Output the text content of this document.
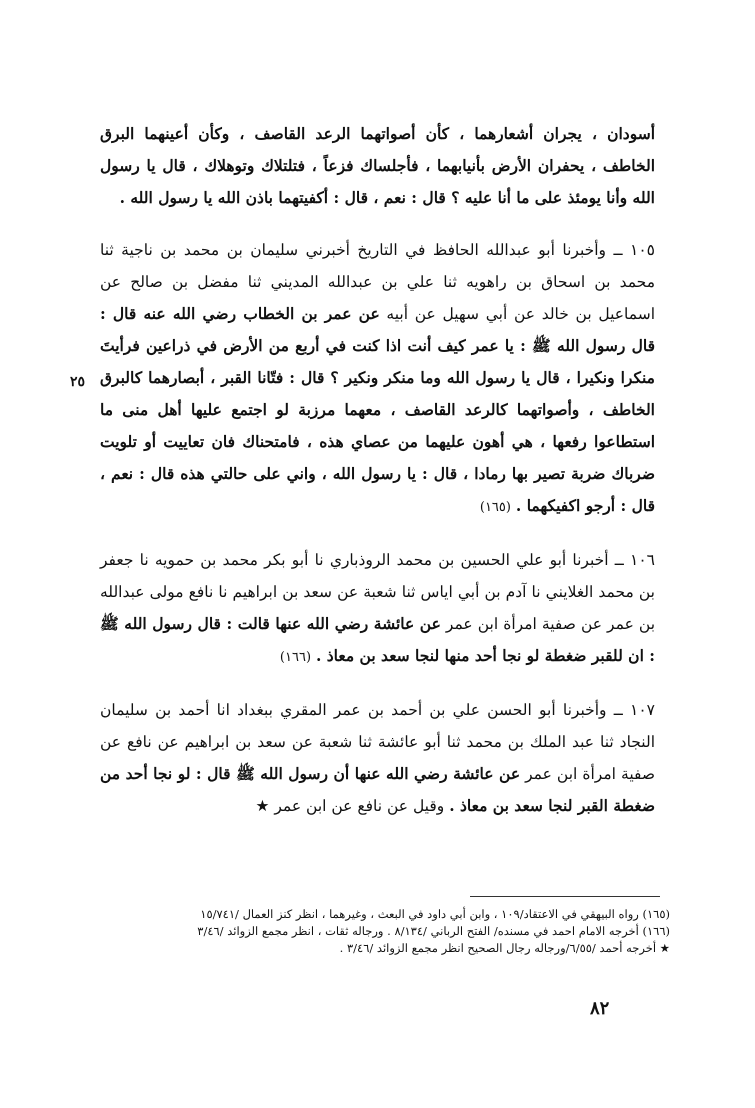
أسودان ، يجران أشعارهما ، كأن أصواتهما الرعد القاصف ، وكأن أعينهما البرق الخاطف ، يحفران الأرض بأنيابهما ، فأجلساك فزعاً ، فتلتلاك وتوهلاك ، قال يا رسول الله وأنا يومئذ على ما أنا عليه ؟ قال : نعم ، قال : أكفيتهما باذن الله يا رسول الله .

١٠٥ ــ وأخبرنا أبو عبدالله الحافظ في التاريخ أخبرني سليمان بن محمد بن ناجية ثنا محمد بن اسحاق بن راهويه ثنا علي بن عبدالله المديني ثنا مفضل بن صالح عن اسماعيل بن خالد عن أبي سهيل عن أبيه عن عمر بن الخطاب رضي الله عنه قال : قال رسول الله ﷺ : يا عمر كيف أنت اذا كنت في أربع من الأرض في ذراعين فرأيتَ منكرا ونكيرا ، قال يا رسول الله وما منكر ونكير ؟ قال : فتّانا القبر ، أبصارهما كالبرق الخاطف ، وأصواتهما كالرعد القاصف ، معهما مرزبة لو اجتمع عليها أهل منى ما استطاعوا رفعها ، هي أهون عليهما من عصاي هذه ، فامتحناك فان تعاييت أو تلويت ضرباك ضربة تصير بها رمادا ، قال : يا رسول الله ، واني على حالتي هذه قال : نعم ، قال : أرجو اكفيكهما . (١٦٥)

١٠٦ ــ أخبرنا أبو علي الحسين بن محمد الروذباري نا أبو بكر محمد بن حمويه نا جعفر بن محمد الغلايني نا آدم بن أبي اياس ثنا شعبة عن سعد بن ابراهيم نا نافع مولى عبدالله بن عمر عن صفية امرأة ابن عمر عن عائشة رضي الله عنها قالت : قال رسول الله ﷺ : ان للقبر ضغطة لو نجا أحد منها لنجا سعد بن معاذ . (١٦٦)

١٠٧ ــ وأخبرنا أبو الحسن علي بن أحمد بن عمر المقري ببغداد انا أحمد بن سليمان النجاد ثنا عبد الملك بن محمد ثنا أبو عائشة ثنا شعبة عن سعد بن ابراهيم عن نافع عن صفية امرأة ابن عمر عن عائشة رضي الله عنها أن رسول الله ﷺ قال : لو نجا أحد من ضغطة القبر لنجا سعد بن معاذ . وقيل عن نافع عن ابن عمر ★

٢٥

(١٦٥) رواه البيهقي في الاعتقاد/١٠٩ ، وابن أبي داود في البعث ، وغيرهما ، انظر كنز العمال /١٥/٧٤١

(١٦٦) أخرجه الامام احمد في مسنده/ الفتح الرباني /٨/١٣٤ . ورجاله ثقات ، انظر مجمع الزوائد /٣/٤٦

★ أخرجه أحمد /٦/٥٥/ورجاله رجال الصحيح انظر مجمع الزوائد /٣/٤٦ .

٨٢
